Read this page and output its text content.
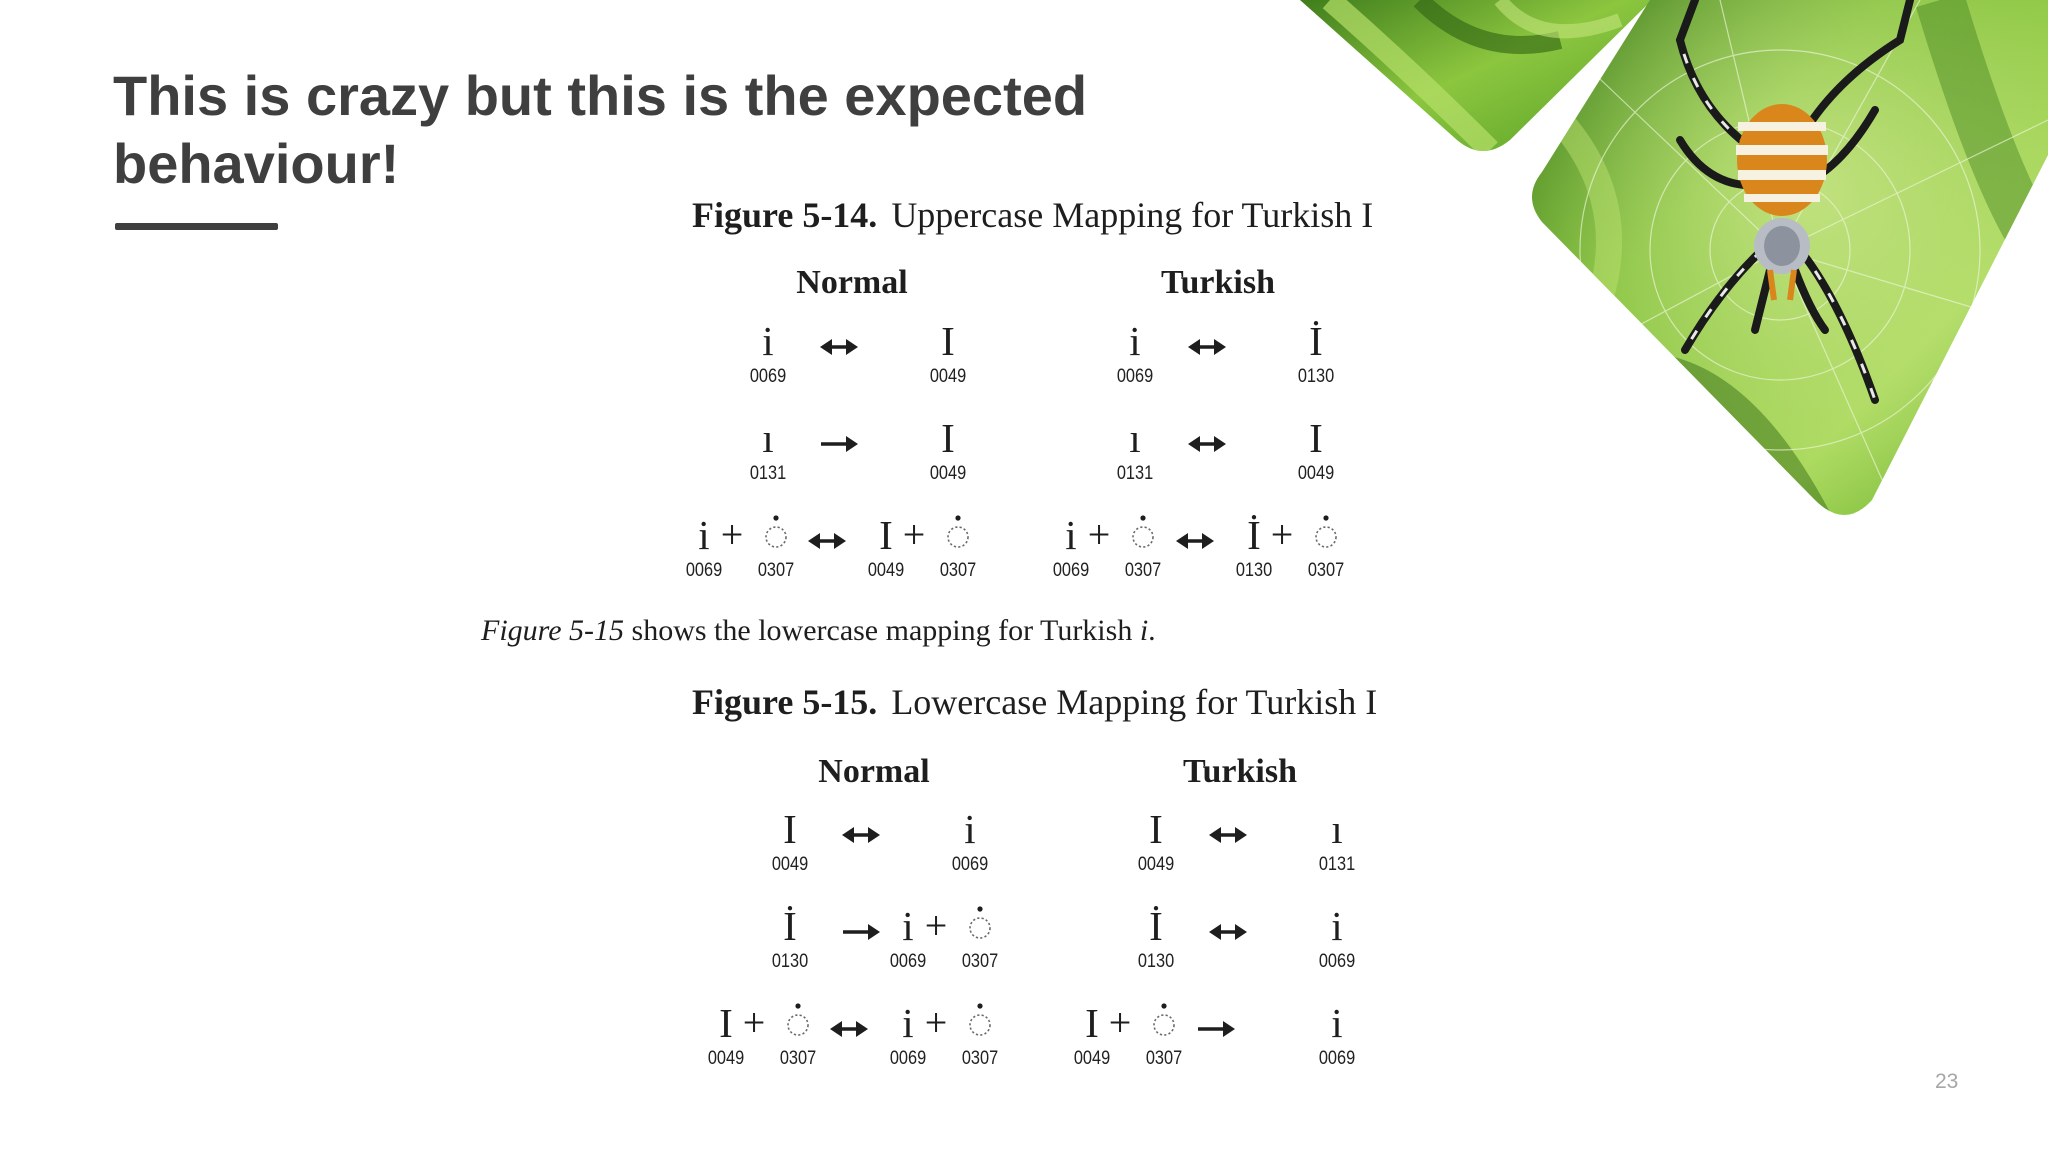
This is crazy but this is the expected
behaviour!

Figure 5-14. Uppercase Mapping for Turkish I

Normal
i
0069
I
0049
ı
0131
I
0049
i
0069
+
0307
I
0049
+
0307
Turkish
i
0069
İ
0130
ı
0131
I
0049
i
0069
+
0307
İ
0130
+
0307

Figure 5-15 shows the lowercase mapping for Turkish i.

Figure 5-15. Lowercase Mapping for Turkish I

Normal
I
0049
i
0069
İ
0130
i
0069
+
0307
I
0049
+
0307
i
0069
+
0307
Turkish
I
0049
ı
0131
İ
0130
i
0069
I
0049
+
0307
i
0069
23
